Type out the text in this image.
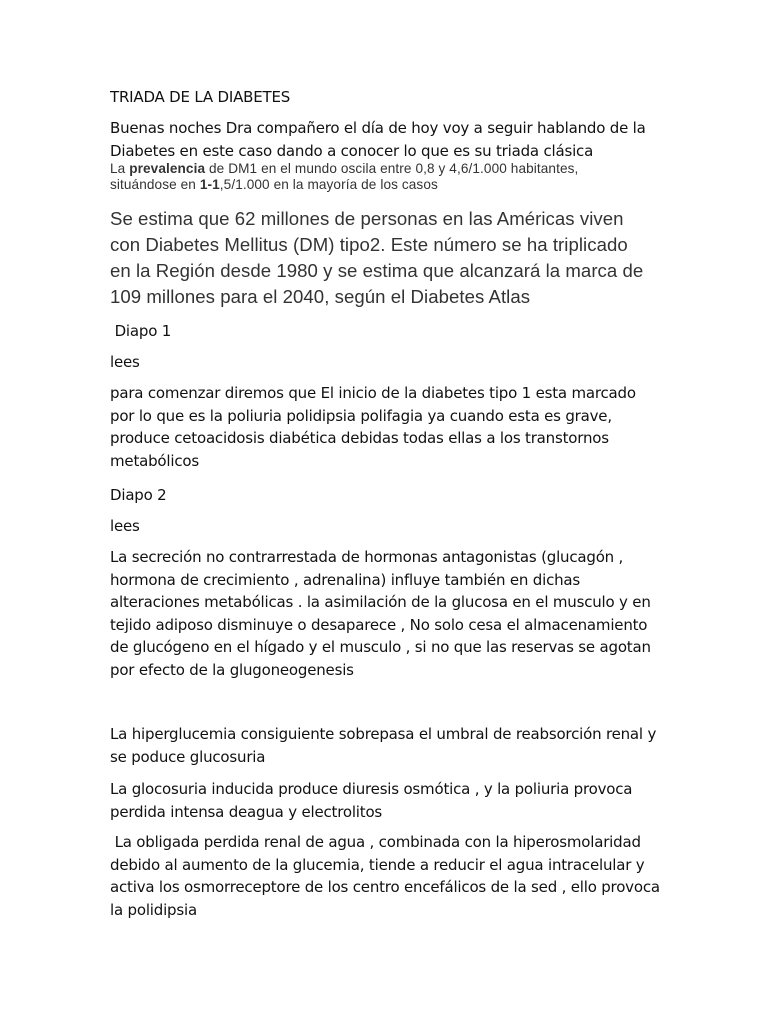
TRIADA DE LA DIABETES

Buenas noches Dra compañero el día de hoy voy a seguir hablando de la
Diabetes en este caso dando a conocer lo que es su triada clásica
La prevalencia de DM1 en el mundo oscila entre 0,8 y 4,6/1.000 habitantes,
situándose en 1-1,5/1.000 en la mayoría de los casos
Se estima que 62 millones de personas en las Américas viven
con Diabetes Mellitus (DM) tipo2. Este número se ha triplicado
en la Región desde 1980 y se estima que alcanzará la marca de
109 millones para el 2040, según el Diabetes Atlas

Diapo 1

lees

para comenzar diremos que El inicio de la diabetes tipo 1 esta marcado
por lo que es la poliuria polidipsia polifagia ya cuando esta es grave,
produce cetoacidosis diabética debidas todas ellas a los transtornos
metabólicos

Diapo 2

lees

La secreción no contrarrestada de hormonas antagonistas (glucagón ,
hormona de crecimiento , adrenalina) influye también en dichas
alteraciones metabólicas . la asimilación de la glucosa en el musculo y en
tejido adiposo disminuye o desaparece , No solo cesa el almacenamiento
de glucógeno en el hígado y el musculo , si no que las reservas se agotan
por efecto de la glugoneogenesis
La hiperglucemia consiguiente sobrepasa el umbral de reabsorción renal y
se poduce glucosuria
La glocosuria inducida produce diuresis osmótica , y la poliuria provoca
perdida intensa deagua y electrolitos
La obligada perdida renal de agua , combinada con la hiperosmolaridad
debido al aumento de la glucemia, tiende a reducir el agua intracelular y
activa los osmorreceptore de los centro encefálicos de la sed , ello provoca
la polidipsia
